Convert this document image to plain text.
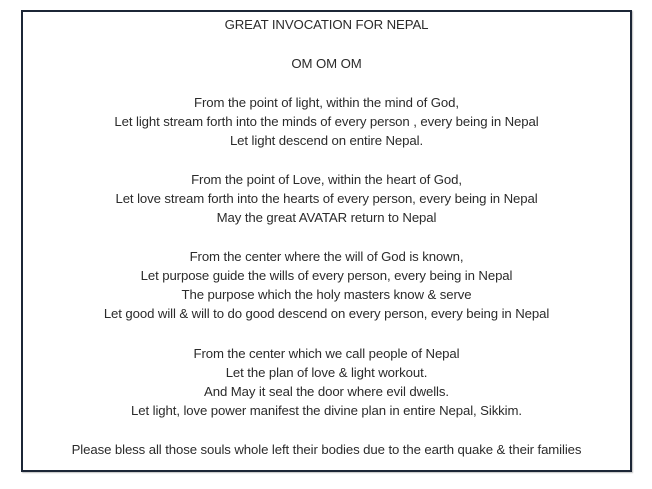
GREAT INVOCATION FOR NEPAL
OM OM OM
From the point of light, within the mind of God,
Let light stream forth into the minds of every person , every being in Nepal
Let light descend on entire Nepal.
From the point of Love, within the heart of God,
Let love stream forth into the hearts of every person, every being in Nepal
May the great AVATAR return to Nepal
From the center where the will of God is known,
Let purpose guide the wills of every person, every being in Nepal
The purpose which the holy masters know & serve
Let good will & will to do good descend on every person, every being in Nepal
From the center which we call people of Nepal
Let the plan of love & light workout.
And May it seal the door where evil dwells.
Let light, love power manifest the divine plan in entire Nepal, Sikkim.
Please bless all those souls whole left their bodies due to the earth quake & their families
